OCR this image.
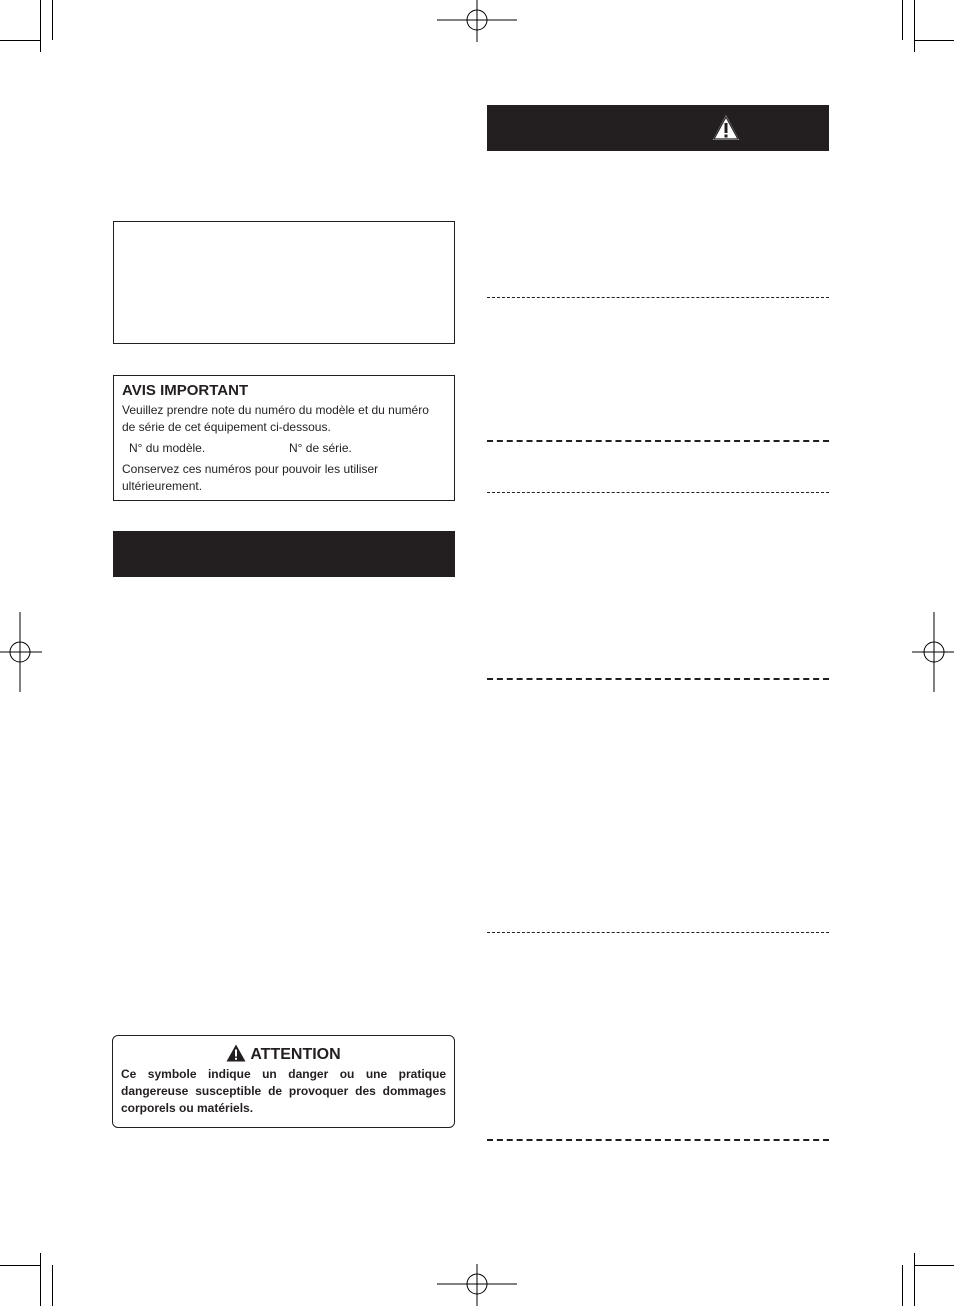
AVIS IMPORTANT
Veuillez prendre note du numéro du modèle et du numéro
de série de cet équipement ci-dessous.
N° du modèle.	N° de série.
Conservez ces numéros pour pouvoir les utiliser
ultérieurement.
ATTENTION
Ce symbole indique un danger ou une pratique dangereuse susceptible de provoquer des dommages corporels ou matériels.
